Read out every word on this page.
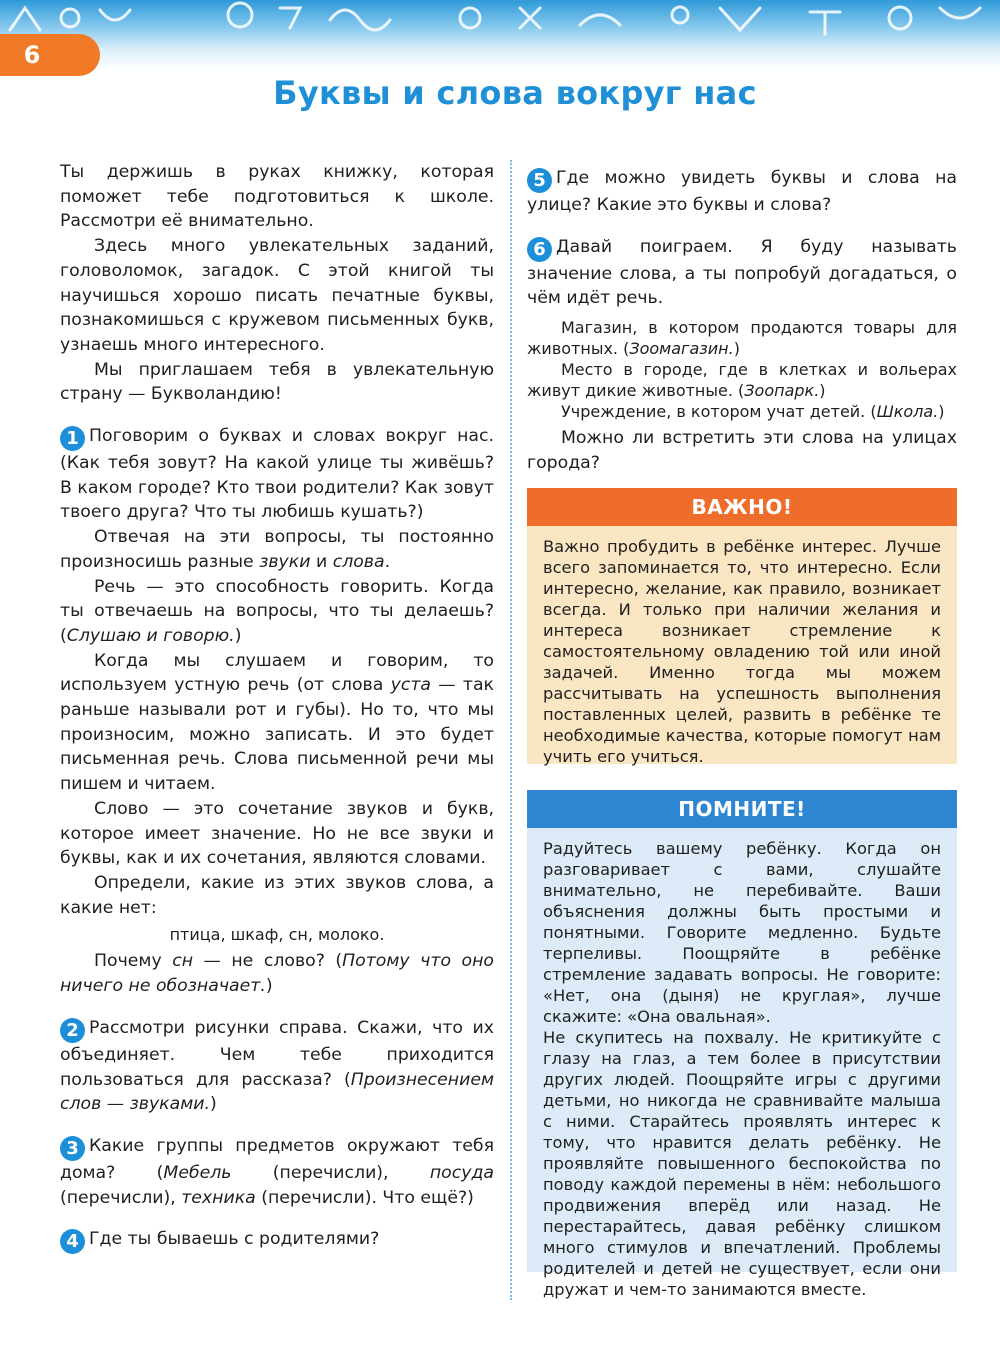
6
Буквы и слова вокруг нас

Ты держишь в руках книжку, которая поможет тебе подготовиться к школе. Рассмотри её внимательно.

Здесь много увлекательных заданий, головоломок, загадок. С этой книгой ты научишься хорошо писать печатные буквы, познакомишься с кружевом письменных букв, узнаешь много интересного.

Мы приглашаем тебя в увлекательную страну — Букволандию!

1 Поговорим о буквах и словах вокруг нас. (Как тебя зовут? На какой улице ты живёшь? В каком городе? Кто твои родители? Как зовут твоего друга? Что ты любишь кушать?)

Отвечая на эти вопросы, ты постоянно произносишь разные звуки и слова.

Речь — это способность говорить. Когда ты отвечаешь на вопросы, что ты делаешь? (Слушаю и говорю.)

Когда мы слушаем и говорим, то используем устную речь (от слова уста — так раньше называли рот и губы). Но то, что мы произносим, можно записать. И это будет письменная речь. Слова письменной речи мы пишем и читаем.

Слово — это сочетание звуков и букв, которое имеет значение. Но не все звуки и буквы, как и их сочетания, являются словами.

Определи, какие из этих звуков слова, а какие нет:

птица, шкаф, сн, молоко.

Почему сн — не слово? (Потому что оно ничего не обозначает.)

2 Рассмотри рисунки справа. Скажи, что их объединяет. Чем тебе приходится пользоваться для рассказа? (Произнесением слов — звуками.)

3 Какие группы предметов окружают тебя дома? (Мебель (перечисли), посуда (перечисли), техника (перечисли). Что ещё?)

4 Где ты бываешь с родителями?

5 Где можно увидеть буквы и слова на улице? Какие это буквы и слова?

6 Давай поиграем. Я буду называть значение слова, а ты попробуй догадаться, о чём идёт речь.

Магазин, в котором продаются товары для животных. (Зоомагазин.)

Место в городе, где в клетках и вольерах живут дикие животные. (Зоопарк.)

Учреждение, в котором учат детей. (Школа.)

Можно ли встретить эти слова на улицах города?

ВАЖНО!
Важно пробудить в ребёнке интерес. Лучше всего запоминается то, что интересно. Если интересно, желание, как правило, возникает всегда. И только при наличии желания и интереса возникает стремление к самостоятельному овладению той или иной задачей. Именно тогда мы можем рассчитывать на успешность выполнения поставленных целей, развить в ребёнке те необходимые качества, которые помогут нам учить его учиться.
ПОМНИТЕ!

Радуйтесь вашему ребёнку. Когда он разговаривает с вами, слушайте внимательно, не перебивайте. Ваши объяснения должны быть простыми и понятными. Говорите медленно. Будьте терпеливы. Поощряйте в ребёнке стремление задавать вопросы. Не говорите: «Нет, она (дыня) не круглая», лучше скажите: «Она овальная».

Не скупитесь на похвалу. Не критикуйте с глазу на глаз, а тем более в присутствии других людей. Поощряйте игры с другими детьми, но никогда не сравнивайте малыша с ними. Старайтесь проявлять интерес к тому, что нравится делать ребёнку. Не проявляйте повышенного беспокойства по поводу каждой перемены в нём: небольшого продвижения вперёд или назад. Не перестарайтесь, давая ребёнку слишком много стимулов и впечатлений. Проблемы родителей и детей не существует, если они дружат и чем-то занимаются вместе.
